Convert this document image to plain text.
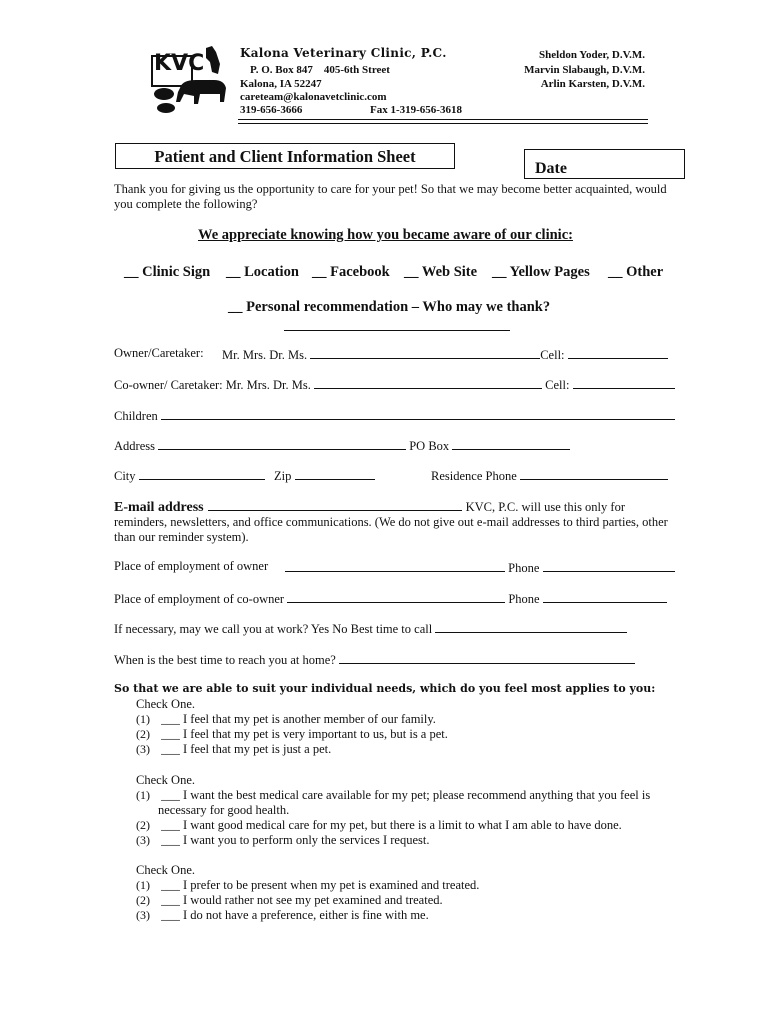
KVC	Kalona Veterinary Clinic, P.C.
P. O. Box 847 405-6th Street
Kalona, IA 52247
careteam@kalonavetclinic.com
319-656-3666	Fax 1-319-656-3618
Sheldon Yoder, D.V.M.
Marvin Slabaugh, D.V.M.
Arlin Karsten, D.V.M.
Patient and Client Information Sheet
Date
Thank you for giving us the opportunity to care for your pet! So that we may become better acquainted, would you complete the following?
We appreciate knowing how you became aware of our clinic:
__ Clinic Sign __ Location __ Facebook __ Web Site __ Yellow Pages __ Other
__ Personal recommendation – Who may we thank?
Owner/Caretaker: Mr. Mrs. Dr. Ms.	Cell:
Co-owner/ Caretaker: Mr. Mrs. Dr. Ms.	Cell:
Children
Address	PO Box
City	Zip	Residence Phone
E-mail address	KVC, P.C. will use this only for
reminders, newsletters, and office communications. (We do not give out e-mail addresses to third parties, other
than our reminder system).
Place of employment of owner	Phone
Place of employment of co-owner	Phone
If necessary, may we call you at work? Yes No Best time to call
When is the best time to reach you at home?
So that we are able to suit your individual needs, which do you feel most applies to you:
Check One.
(1) ___ I feel that my pet is another member of our family.
(2) ___ I feel that my pet is very important to us, but is a pet.
(3) ___ I feel that my pet is just a pet.
Check One.
(1) ___ I want the best medical care available for my pet; please recommend anything that you feel is
necessary for good health.
(2) ___ I want good medical care for my pet, but there is a limit to what I am able to have done.
(3) ___ I want you to perform only the services I request.
Check One.
(1) ___ I prefer to be present when my pet is examined and treated.
(2) ___ I would rather not see my pet examined and treated.
(3) ___ I do not have a preference, either is fine with me.
